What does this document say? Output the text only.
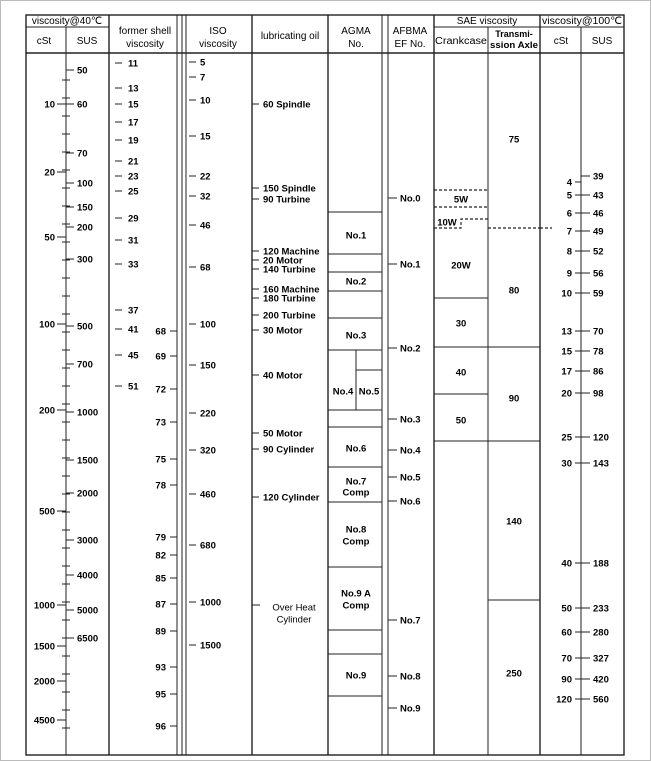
viscosity@40℃
cSt	SUS
former shell
viscosity
ISO
viscosity
lubricating oil AGMA
No.
AFBMA
EF No.
SAE viscosity
Crankcase
Transmi-
ssion Axle
viscosity@100℃
cSt SUS
10
20
50
100
200
500
1000
1500
2000
4500
50
60
70
100
150
200
300
500
700
1000
1500
2000
3000
4000
5000
6500
11
13
15
17
19
21
23
25
29
31
33
37
41
45
51
68
69
72
73
75
78
79
82
85
87
89
93
95
96
5
7
10
15
22
32
46
68
100
150
220
320
460
680
1000
1500
60 Spindle
150 Spindle
90 Turbine
120 Machine
20 Motor
140 Turbine
160 Machine
180 Turbine
200 Turbine
30 Motor
40 Motor
50 Motor
90 Cylinder
120 Cylinder
Over Heat
Cylinder
No.1
No.2
No.3
No.4 No.5
No.6
No.7
Comp
No.8
Comp
No.9 A
Comp
No.9
No.0
No.1
No.2
No.3
No.4
No.5
No.6
No.7
No.8
No.9
5W
10W
20W
30
40
50
75
80
90
140
250
4
5
6
7
8
9
10
13
15
17
20
25
30
40
50
60
70
90
120
39
43
46
49
52
56
59
70
78
86
98
120
143
188
233
280
327
420
560
